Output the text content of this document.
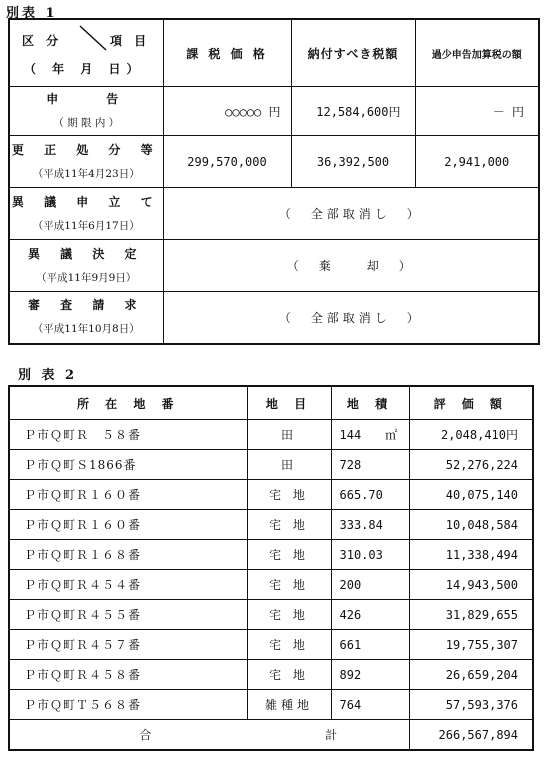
別表 1
区 分 項 目
（ 年 月 日）	課 税 価 格	納付すべき税額	過少申告加算税の額

申　　告
（ 期 限 内 ）	○○○○○ 円	12,584,600円	－ 円

更 正 処 分 等
（平成11年4月23日）	299,570,000	36,392,500	2,941,000

異 議 申 立 て
（平成11年6月17日）	（　全部取消し　）		

異 議 決 定
（平成11年9月9日）	（　棄　　却　）		

審 査 請 求
（平成11年10月8日）	（　全部取消し　）		
別 表 2
所 在 地 番	地 目	地 積	評 価 額
Ｐ市Ｑ町Ｒ　５８番	田	144　　㎡	2,048,410円
Ｐ市Ｑ町Ｓ1866番	田	728	52,276,224
Ｐ市Ｑ町Ｒ１６０番	宅 地	665.70	40,075,140
Ｐ市Ｑ町Ｒ１６０番	宅 地	333.84	10,048,584
Ｐ市Ｑ町Ｒ１６８番	宅 地	310.03	11,338,494
Ｐ市Ｑ町Ｒ４５４番	宅 地	200	14,943,500
Ｐ市Ｑ町Ｒ４５５番	宅 地	426	31,829,655
Ｐ市Ｑ町Ｒ４５７番	宅 地	661	19,755,307
Ｐ市Ｑ町Ｒ４５８番	宅 地	892	26,659,204
Ｐ市Ｑ町Ｔ５６８番	雑種地	764	57,593,376
合 計			266,567,894
